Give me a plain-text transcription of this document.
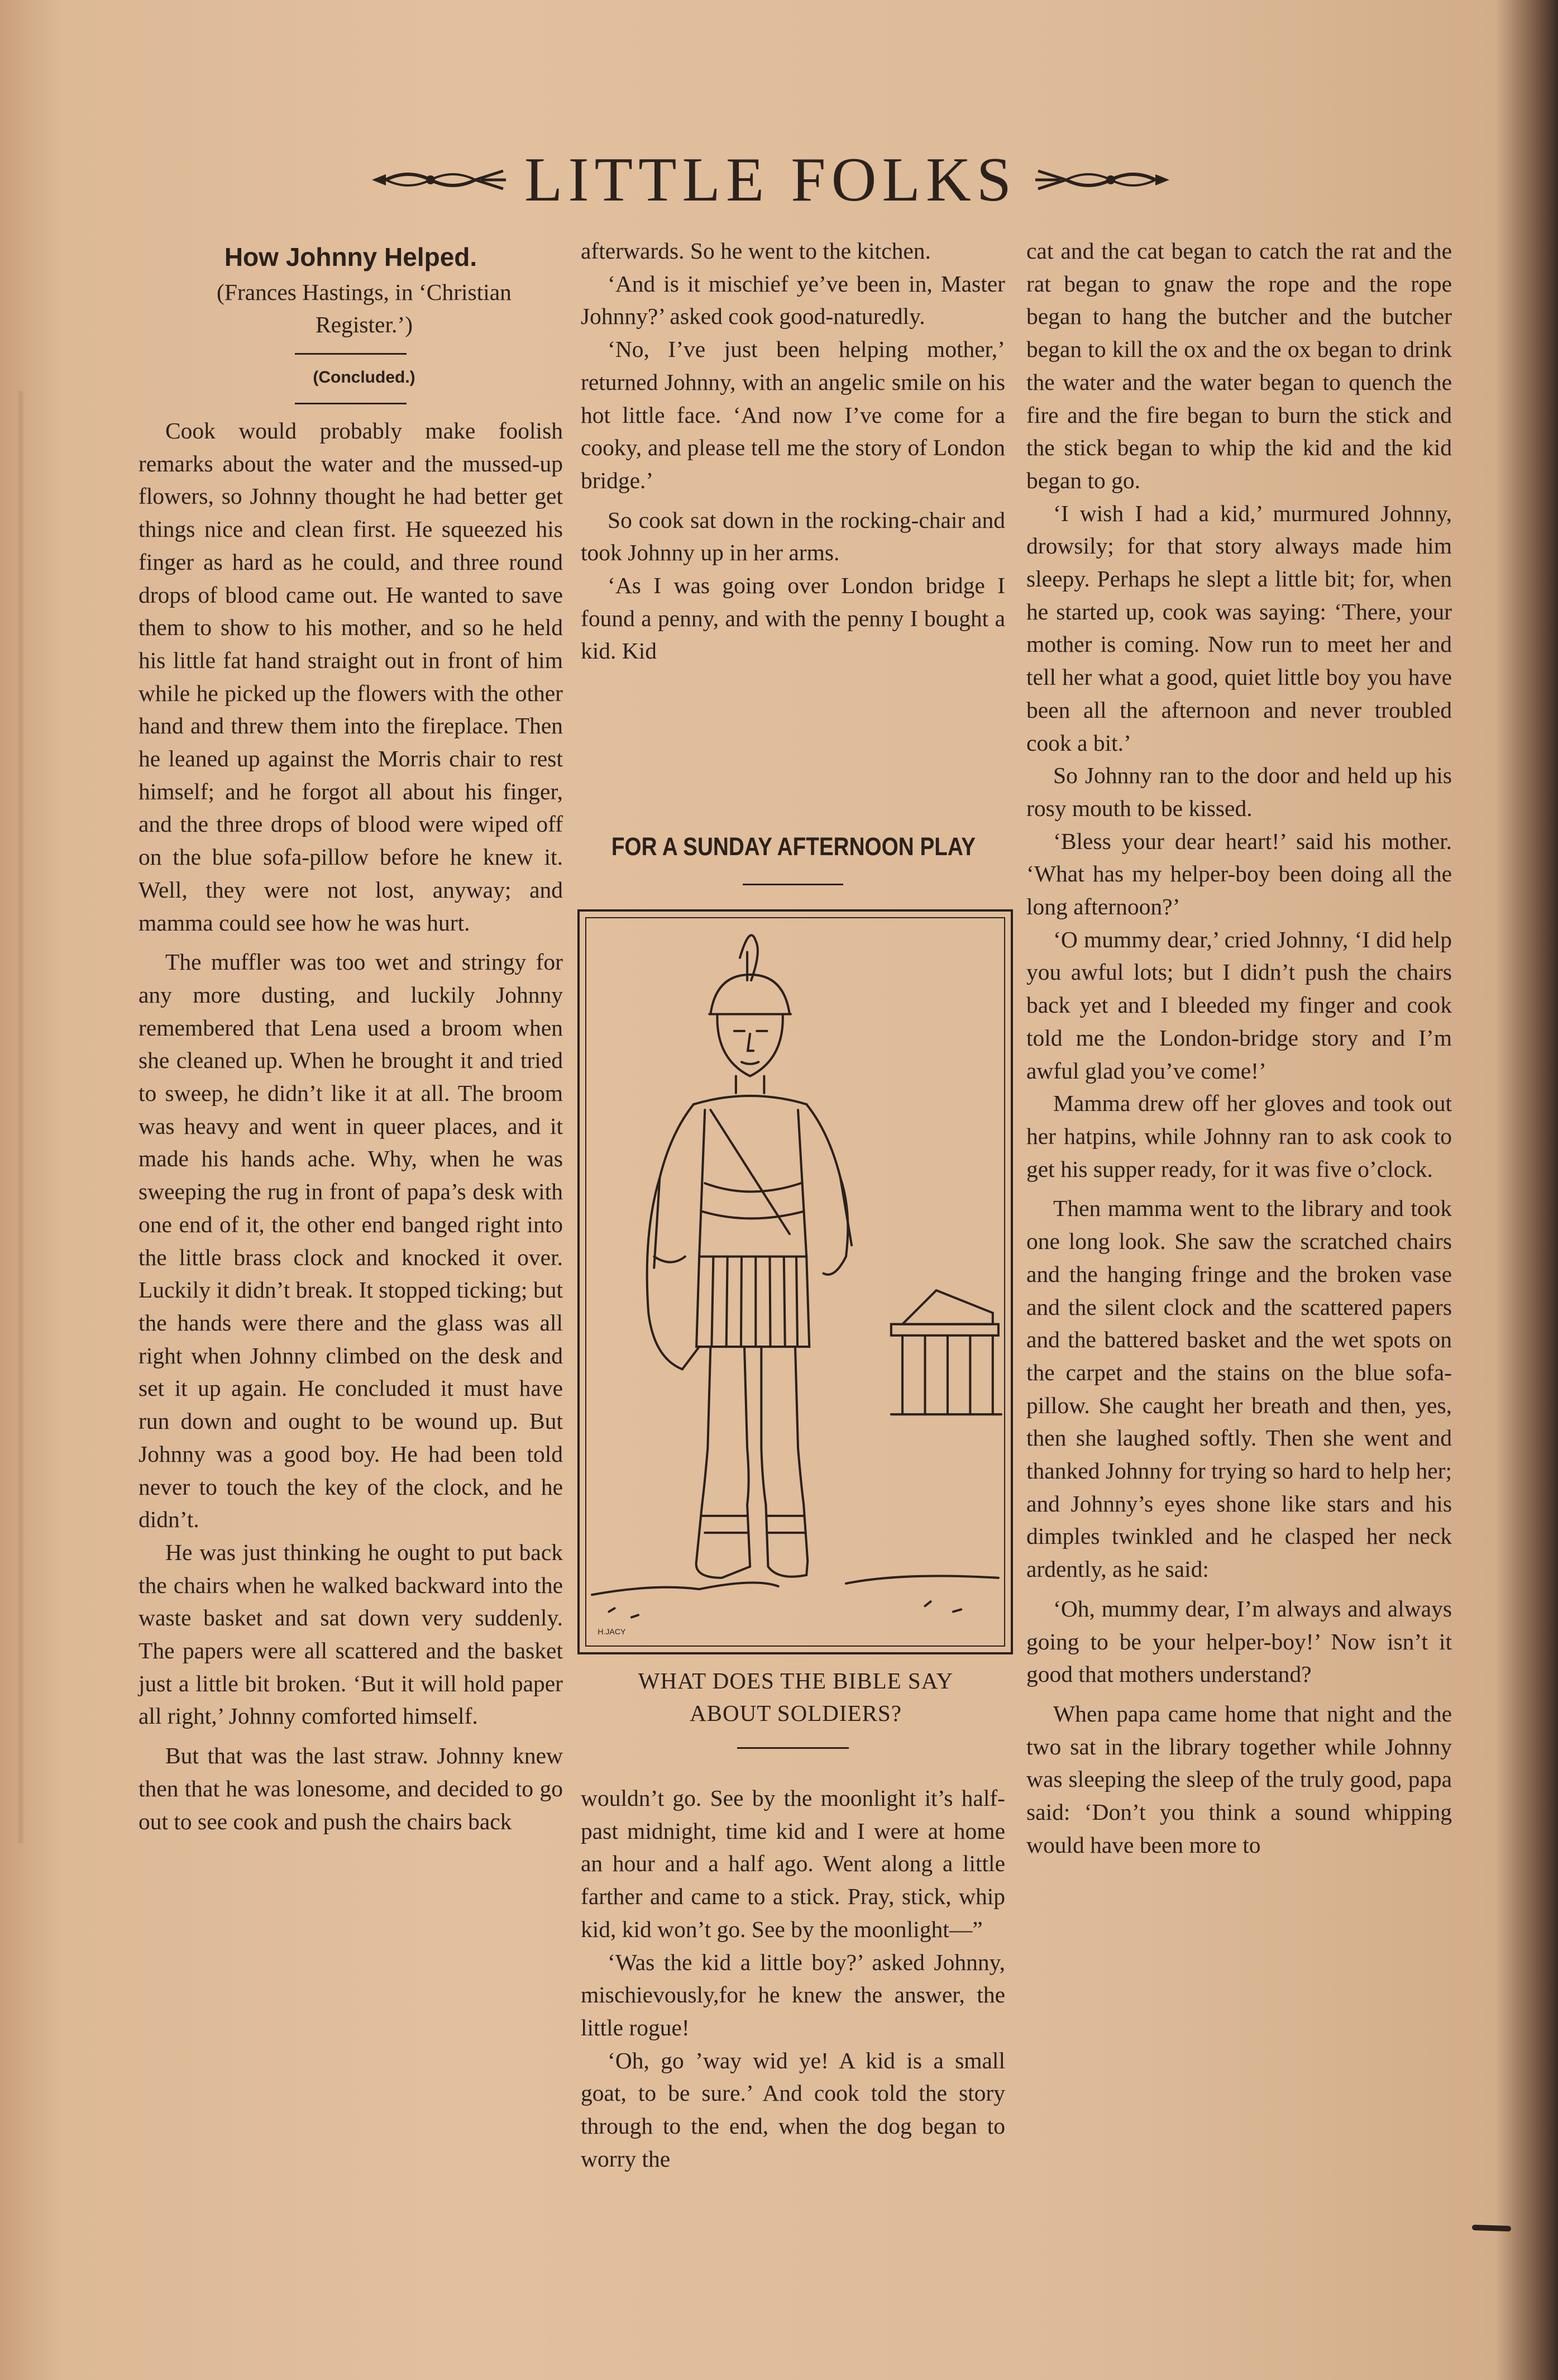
LITTLE FOLKS
How Johnny Helped.

(Frances Hastings, in ‘Christian

Register.’)

(Concluded.)

Cook would probably make foolish remarks about the water and the mussed-up flowers, so Johnny thought he had better get things nice and clean first. He squeezed his finger as hard as he could, and three round drops of blood came out. He wanted to save them to show to his mother, and so he held his little fat hand straight out in front of him while he picked up the flowers with the other hand and threw them into the fireplace. Then he leaned up against the Morris chair to rest himself; and he forgot all about his finger, and the three drops of blood were wiped off on the blue sofa-pillow before he knew it. Well, they were not lost, anyway; and mamma could see how he was hurt.

The muffler was too wet and stringy for any more dusting, and luckily Johnny remembered that Lena used a broom when she cleaned up. When he brought it and tried to sweep, he didn’t like it at all. The broom was heavy and went in queer places, and it made his hands ache. Why, when he was sweeping the rug in front of papa’s desk with one end of it, the other end banged right into the little brass clock and knocked it over. Luckily it didn’t break. It stopped ticking; but the hands were there and the glass was all right when Johnny climbed on the desk and set it up again. He concluded it must have run down and ought to be wound up. But Johnny was a good boy. He had been told never to touch the key of the clock, and he didn’t.

He was just thinking he ought to put back the chairs when he walked backward into the waste basket and sat down very suddenly. The papers were all scattered and the basket just a little bit broken. ‘But it will hold paper all right,’ Johnny comforted himself.

But that was the last straw. Johnny knew then that he was lonesome, and decided to go out to see cook and push the chairs back

afterwards. So he went to the kitchen.

‘And is it mischief ye’ve been in, Master Johnny?’ asked cook good-naturedly.

‘No, I’ve just been helping mother,’ returned Johnny, with an angelic smile on his hot little face. ‘And now I’ve come for a cooky, and please tell me the story of London bridge.’

So cook sat down in the rocking-chair and took Johnny up in her arms.

‘As I was going over London bridge I found a penny, and with the penny I bought a kid. Kid

FOR A SUNDAY AFTERNOON PLAY
H.JACY
WHAT DOES THE BIBLE SAY
ABOUT SOLDIERS?

wouldn’t go. See by the moonlight it’s half-past midnight, time kid and I were at home an hour and a half ago. Went along a little farther and came to a stick. Pray, stick, whip kid, kid won’t go. See by the moonlight—”

‘Was the kid a little boy?’ asked Johnny, mischievously,for he knew the answer, the little rogue!

‘Oh, go ’way wid ye! A kid is a small goat, to be sure.’ And cook told the story through to the end, when the dog began to worry the

cat and the cat began to catch the rat and the rat began to gnaw the rope and the rope began to hang the butcher and the butcher began to kill the ox and the ox began to drink the water and the water began to quench the fire and the fire began to burn the stick and the stick began to whip the kid and the kid began to go.

‘I wish I had a kid,’ murmured Johnny, drowsily; for that story always made him sleepy. Perhaps he slept a little bit; for, when he started up, cook was saying: ‘There, your mother is coming. Now run to meet her and tell her what a good, quiet little boy you have been all the afternoon and never troubled cook a bit.’

So Johnny ran to the door and held up his rosy mouth to be kissed.

‘Bless your dear heart!’ said his mother. ‘What has my helper-boy been doing all the long afternoon?’

‘O mummy dear,’ cried Johnny, ‘I did help you awful lots; but I didn’t push the chairs back yet and I bleeded my finger and cook told me the London-bridge story and I’m awful glad you’ve come!’

Mamma drew off her gloves and took out her hatpins, while Johnny ran to ask cook to get his supper ready, for it was five o’clock.

Then mamma went to the library and took one long look. She saw the scratched chairs and the hanging fringe and the broken vase and the silent clock and the scattered papers and the battered basket and the wet spots on the carpet and the stains on the blue sofa-pillow. She caught her breath and then, yes, then she laughed softly. Then she went and thanked Johnny for trying so hard to help her; and Johnny’s eyes shone like stars and his dimples twinkled and he clasped her neck ardently, as he said:

‘Oh, mummy dear, I’m always and always going to be your helper-boy!’ Now isn’t it good that mothers understand?

When papa came home that night and the two sat in the library together while Johnny was sleeping the sleep of the truly good, papa said: ‘Don’t you think a sound whipping would have been more to
